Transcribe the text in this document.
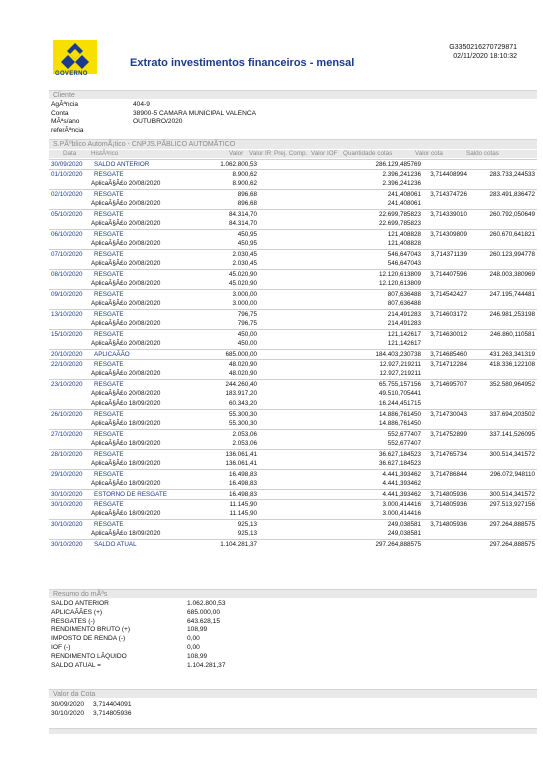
GOVERNO
Extrato investimentos financeiros - mensal
G3350216270729871
02/11/2020 18:10:32
Cliente
AgÃªncia	404-9
Conta	38900-5 CAMARA MUNICIPAL VALENCA
MÃªs/ano referÃªncia
OUTUBRO/2020
S.PÃºblico AutomÃ¡tico - CNPJS.PÃBLICO AUTOMÃTICO
Data HistÃ³rico	Valor Valor IR Prej. Comp. Valor IOF Quantidade cotas	Valor cota	Saldo cotas
30/09/2020 SALDO ANTERIOR	1.062.800,53	286.129,485769
01/10/2020 RESGATE	8.900,62	2.396,241236	3,714408994	283.733,244533
AplicaÃ§Ã£o 20/08/2020	8.900,62	2.396,241236
02/10/2020 RESGATE	896,68	241,408061	3,714374726	283.491,836472
AplicaÃ§Ã£o 20/08/2020	896,68	241,408061
05/10/2020 RESGATE	84.314,70	22.699,785823	3,714339010	260.792,050649
AplicaÃ§Ã£o 20/08/2020	84.314,70	22.699,785823
06/10/2020 RESGATE	450,95	121,408828	3,714309809	260.670,641821
AplicaÃ§Ã£o 20/08/2020	450,95	121,408828
07/10/2020 RESGATE	2.030,45	546,647043	3,714371139	260.123,994778
AplicaÃ§Ã£o 20/08/2020	2.030,45	546,647043
08/10/2020 RESGATE	45.020,90	12.120,613809	3,714407596	248.003,380969
AplicaÃ§Ã£o 20/08/2020	45.020,90	12.120,613809
09/10/2020 RESGATE	3.000,00	807,636488	3,714542427	247.195,744481
AplicaÃ§Ã£o 20/08/2020	3.000,00	807,636488
13/10/2020 RESGATE	796,75	214,491283	3,714603172	246.981,253198
AplicaÃ§Ã£o 20/08/2020	796,75	214,491283
15/10/2020 RESGATE	450,00	121,142617	3,714630012	246.860,110581
AplicaÃ§Ã£o 20/08/2020	450,00	121,142617
20/10/2020 APLICAÃÃO	685.000,00	184.403,230738	3,714685460	431.263,341319
22/10/2020 RESGATE	48.020,90	12.927,219211	3,714712284	418.336,122108
AplicaÃ§Ã£o 20/08/2020	48.020,90	12.927,219211
23/10/2020 RESGATE	244.260,40	65.755,157156	3,714695707	352.580,964952
AplicaÃ§Ã£o 20/08/2020	183.917,20	49.510,705441
AplicaÃ§Ã£o 18/09/2020	60.343,20	16.244,451715
26/10/2020 RESGATE	55.300,30	14.886,761450	3,714730043	337.694,203502
AplicaÃ§Ã£o 18/09/2020	55.300,30	14.886,761450
27/10/2020 RESGATE	2.053,06	552,677407	3,714752899	337.141,526095
AplicaÃ§Ã£o 18/09/2020	2.053,06	552,677407
28/10/2020 RESGATE	136.061,41	36.627,184523	3,714765734	300.514,341572
AplicaÃ§Ã£o 18/09/2020	136.061,41	36.627,184523
29/10/2020 RESGATE	16.498,83	4.441,393462	3,714786844	296.072,948110
AplicaÃ§Ã£o 18/09/2020	16.498,83	4.441,393462
30/10/2020 ESTORNO DE RESGATE	16.498,83	4.441,393462	3,714805936	300.514,341572
30/10/2020 RESGATE	11.145,90	3.000,414416	3,714805936	297.513,927156
AplicaÃ§Ã£o 18/09/2020	11.145,90	3.000,414416
30/10/2020 RESGATE	925,13	249,038581	3,714805936	297.264,888575
AplicaÃ§Ã£o 18/09/2020	925,13	249,038581
30/10/2020 SALDO ATUAL	1.104.281,37	297.264,888575	297.264,888575
Resumo do mÃªs
SALDO ANTERIOR	1.062.800,53
APLICAÃÃES (+)	685.000,00
RESGATES (-)	643.628,15
RENDIMENTO BRUTO (+)	108,99
IMPOSTO DE RENDA (-)	0,00
IOF (-)	0,00
RENDIMENTO LÃQUIDO	108,99
SALDO ATUAL =	1.104.281,37
Valor da Cota
30/09/2020 3,714404091
30/10/2020 3,714805936
